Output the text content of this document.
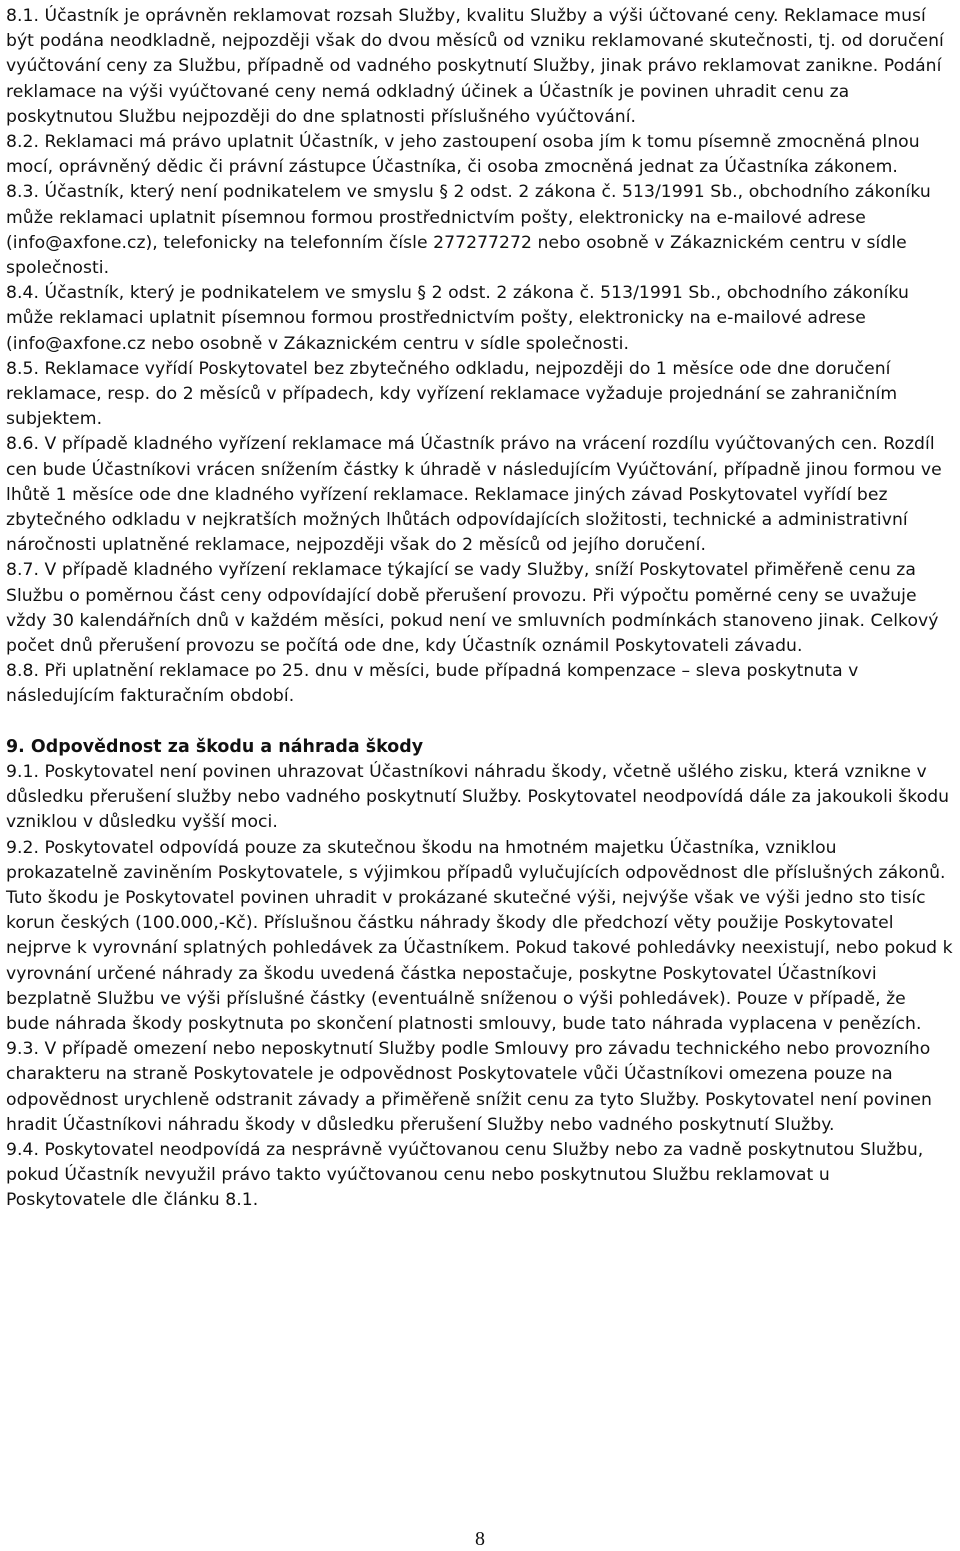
8.1. Účastník je oprávněn reklamovat rozsah Služby, kvalitu Služby a výši účtované ceny. Reklamace musí být podána neodkladně, nejpozději však do dvou měsíců od vzniku reklamované skutečnosti, tj. od doručení vyúčtování ceny za Službu, případně od vadného poskytnutí Služby, jinak právo reklamovat zanikne. Podání reklamace na výši vyúčtované ceny nemá odkladný účinek a Účastník je povinen uhradit cenu za poskytnutou Službu nejpozději do dne splatnosti příslušného vyúčtování.

8.2. Reklamaci má právo uplatnit Účastník, v jeho zastoupení osoba jím k tomu písemně zmocněná plnou mocí, oprávněný dědic či právní zástupce Účastníka, či osoba zmocněná jednat za Účastníka zákonem.

8.3. Účastník, který není podnikatelem ve smyslu § 2 odst. 2 zákona č. 513/1991 Sb., obchodního zákoníku může reklamaci uplatnit písemnou formou prostřednictvím pošty, elektronicky na e-mailové adrese (info@axfone.cz), telefonicky na telefonním čísle 277277272 nebo osobně v Zákaznickém centru v sídle společnosti.

8.4. Účastník, který je podnikatelem ve smyslu § 2 odst. 2 zákona č. 513/1991 Sb., obchodního zákoníku může reklamaci uplatnit písemnou formou prostřednictvím pošty, elektronicky na e-mailové adrese (info@axfone.cz nebo osobně v Zákaznickém centru v sídle společnosti.

8.5. Reklamace vyřídí Poskytovatel bez zbytečného odkladu, nejpozději do 1 měsíce ode dne doručení reklamace, resp. do 2 měsíců v případech, kdy vyřízení reklamace vyžaduje projednání se zahraničním subjektem.

8.6. V případě kladného vyřízení reklamace má Účastník právo na vrácení rozdílu vyúčtovaných cen. Rozdíl cen bude Účastníkovi vrácen snížením částky k úhradě v následujícím Vyúčtování, případně jinou formou ve lhůtě 1 měsíce ode dne kladného vyřízení reklamace. Reklamace jiných závad Poskytovatel vyřídí bez zbytečného odkladu v nejkratších možných lhůtách odpovídajících složitosti, technické a administrativní náročnosti uplatněné reklamace, nejpozději však do 2 měsíců od jejího doručení.

8.7. V případě kladného vyřízení reklamace týkající se vady Služby, sníží Poskytovatel přiměřeně cenu za Službu o poměrnou část ceny odpovídající době přerušení provozu. Při výpočtu poměrné ceny se uvažuje vždy 30 kalendářních dnů v každém měsíci, pokud není ve smluvních podmínkách stanoveno jinak. Celkový počet dnů přerušení provozu se počítá ode dne, kdy Účastník oznámil Poskytovateli závadu.

8.8. Při uplatnění reklamace po 25. dnu v měsíci, bude případná kompenzace – sleva poskytnuta v následujícím fakturačním období.

9. Odpovědnost za škodu a náhrada škody

9.1. Poskytovatel není povinen uhrazovat Účastníkovi náhradu škody, včetně ušlého zisku, která vznikne v důsledku přerušení služby nebo vadného poskytnutí Služby. Poskytovatel neodpovídá dále za jakoukoli škodu vzniklou v důsledku vyšší moci.

9.2. Poskytovatel odpovídá pouze za skutečnou škodu na hmotném majetku Účastníka, vzniklou prokazatelně zaviněním Poskytovatele, s výjimkou případů vylučujících odpovědnost dle příslušných zákonů. Tuto škodu je Poskytovatel povinen uhradit v prokázané skutečné výši, nejvýše však ve výši jedno sto tisíc korun českých (100.000,-Kč). Příslušnou částku náhrady škody dle předchozí věty použije Poskytovatel nejprve k vyrovnání splatných pohledávek za Účastníkem. Pokud takové pohledávky neexistují, nebo pokud k vyrovnání určené náhrady za škodu uvedená částka nepostačuje, poskytne Poskytovatel Účastníkovi bezplatně Službu ve výši příslušné částky (eventuálně sníženou o výši pohledávek). Pouze v případě, že bude náhrada škody poskytnuta po skončení platnosti smlouvy, bude tato náhrada vyplacena v penězích.

9.3. V případě omezení nebo neposkytnutí Služby podle Smlouvy pro závadu technického nebo provozního charakteru na straně Poskytovatele je odpovědnost Poskytovatele vůči Účastníkovi omezena pouze na odpovědnost urychleně odstranit závady a přiměřeně snížit cenu za tyto Služby. Poskytovatel není povinen hradit Účastníkovi náhradu škody v důsledku přerušení Služby nebo vadného poskytnutí Služby.

9.4. Poskytovatel neodpovídá za nesprávně vyúčtovanou cenu Služby nebo za vadně poskytnutou Službu, pokud Účastník nevyužil právo takto vyúčtovanou cenu nebo poskytnutou Službu reklamovat u Poskytovatele dle článku 8.1.

8
